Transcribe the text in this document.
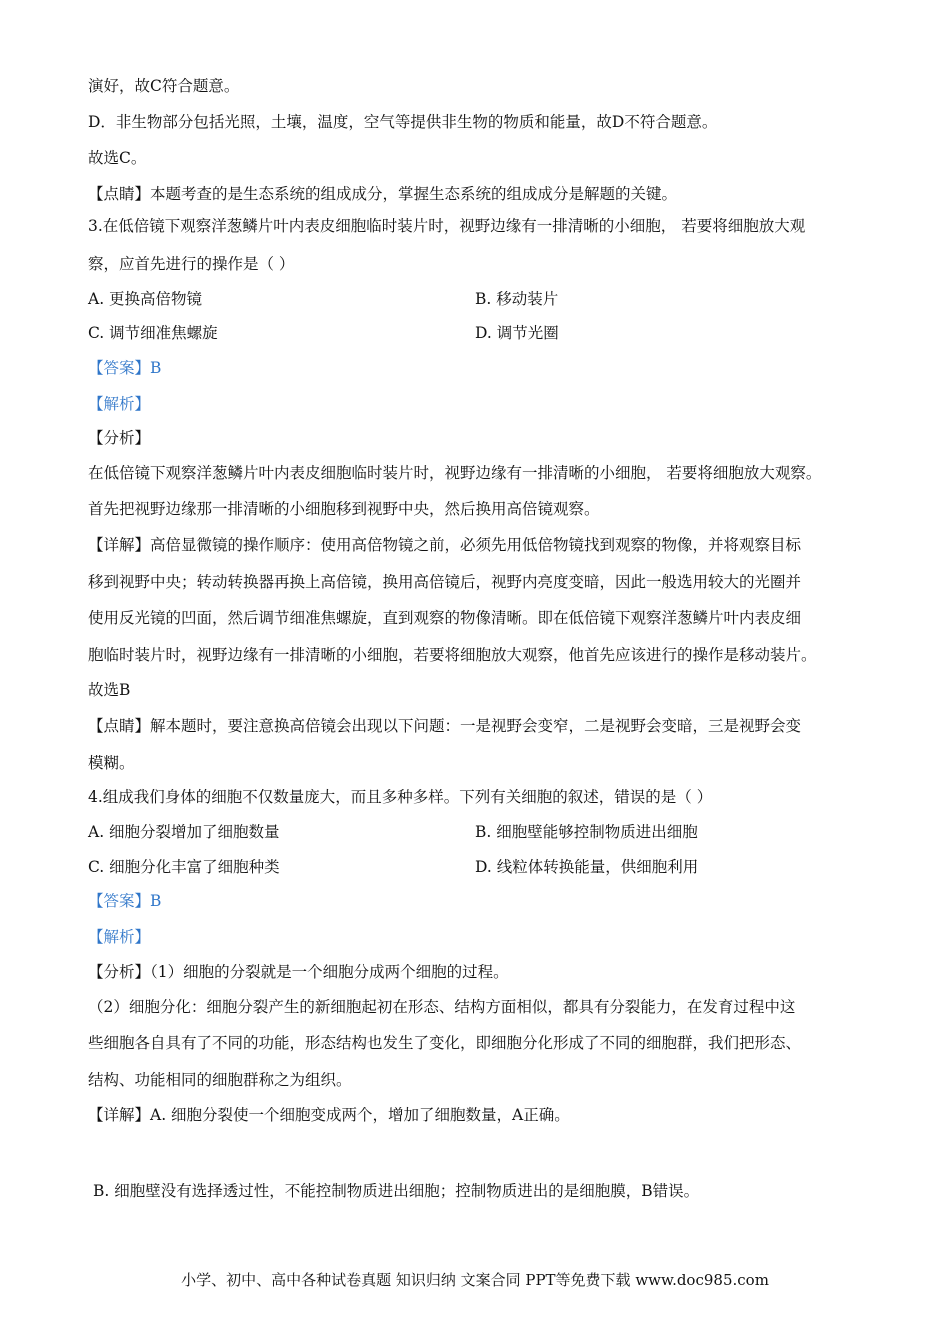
演好，故C符合题意。
D．非生物部分包括光照，土壤，温度，空气等提供非生物的物质和能量，故D不符合题意。
故选C。
【点睛】本题考查的是生态系统的组成成分，掌握生态系统的组成成分是解题的关键。
3.在低倍镜下观察洋葱鳞片叶内表皮细胞临时装片时，视野边缘有一排清晰的小细胞， 若要将细胞放大观
察，应首先进行的操作是（ ）
A. 更换高倍物镜	B. 移动装片
C. 调节细准焦螺旋	D. 调节光圈
【答案】B
【解析】
【分析】
在低倍镜下观察洋葱鳞片叶内表皮细胞临时装片时，视野边缘有一排清晰的小细胞， 若要将细胞放大观察。
首先把视野边缘那一排清晰的小细胞移到视野中央，然后换用高倍镜观察。
【详解】高倍显微镜的操作顺序：使用高倍物镜之前，必须先用低倍物镜找到观察的物像，并将观察目标
移到视野中央；转动转换器再换上高倍镜，换用高倍镜后，视野内亮度变暗，因此一般选用较大的光圈并
使用反光镜的凹面，然后调节细准焦螺旋，直到观察的物像清晰。即在低倍镜下观察洋葱鳞片叶内表皮细
胞临时装片时，视野边缘有一排清晰的小细胞，若要将细胞放大观察，他首先应该进行的操作是移动装片。
故选B
【点睛】解本题时，要注意换高倍镜会出现以下问题：一是视野会变窄，二是视野会变暗，三是视野会变
模糊。
4.组成我们身体的细胞不仅数量庞大，而且多种多样。下列有关细胞的叙述，错误的是（ ）
A. 细胞分裂增加了细胞数量	B. 细胞壁能够控制物质进出细胞
C. 细胞分化丰富了细胞种类	D. 线粒体转换能量，供细胞利用
【答案】B
【解析】
【分析】（1）细胞的分裂就是一个细胞分成两个细胞的过程。
（2）细胞分化：细胞分裂产生的新细胞起初在形态、结构方面相似，都具有分裂能力，在发育过程中这
些细胞各自具有了不同的功能，形态结构也发生了变化，即细胞分化形成了不同的细胞群，我们把形态、
结构、功能相同的细胞群称之为组织。
【详解】A. 细胞分裂使一个细胞变成两个，增加了细胞数量，A正确。
B. 细胞壁没有选择透过性，不能控制物质进出细胞；控制物质进出的是细胞膜，B错误。
小学、初中、高中各种试卷真题 知识归纳 文案合同 PPT等免费下载 www.doc985.com
